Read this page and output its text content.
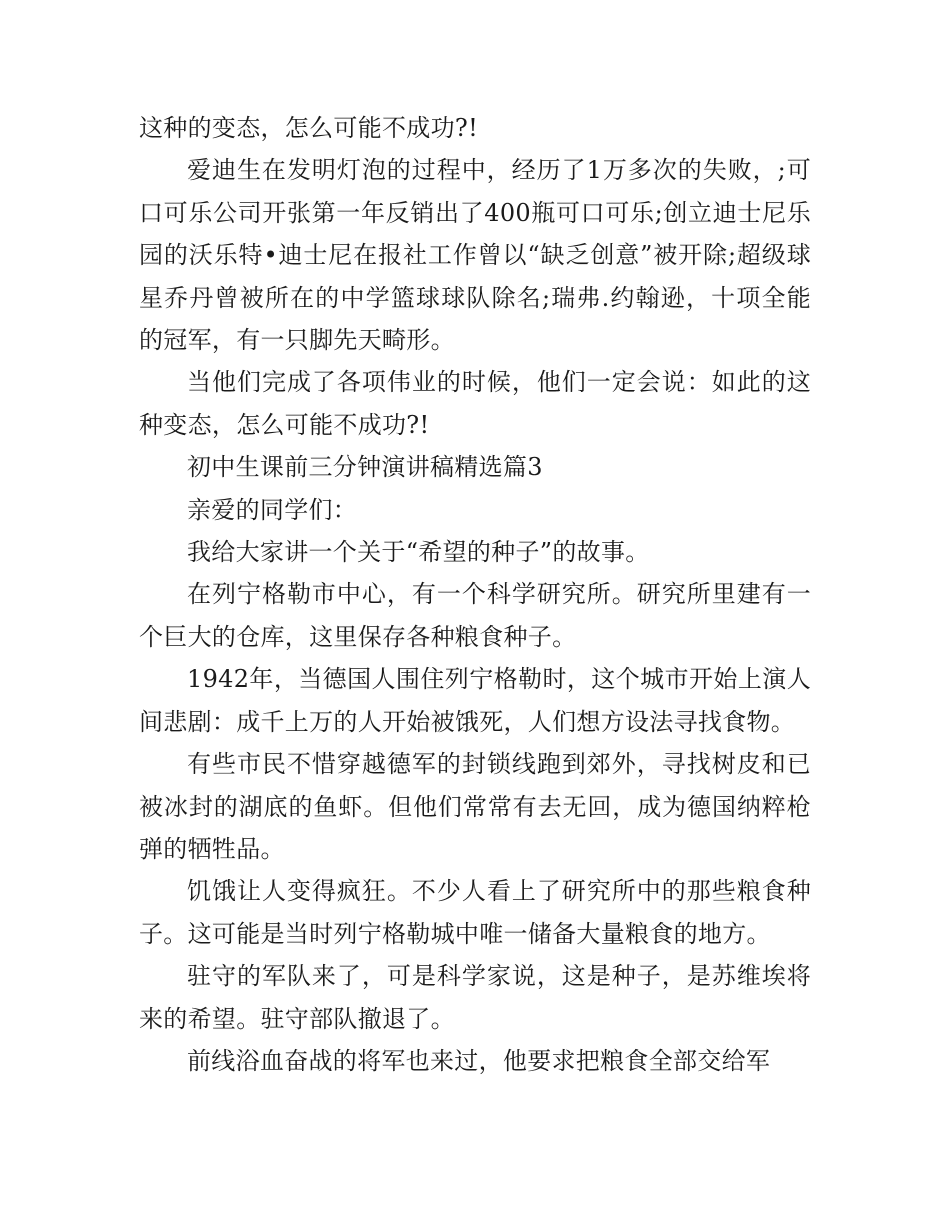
这种的变态，怎么可能不成功?!

爱迪生在发明灯泡的过程中，经历了1万多次的失败，;可口可乐公司开张第一年反销出了400瓶可口可乐;创立迪士尼乐园的沃乐特•迪士尼在报社工作曾以“缺乏创意”被开除;超级球星乔丹曾被所在的中学篮球球队除名;瑞弗.约翰逊，十项全能的冠军，有一只脚先天畸形。

当他们完成了各项伟业的时候，他们一定会说：如此的这种变态，怎么可能不成功?!

初中生课前三分钟演讲稿精选篇3

亲爱的同学们：

我给大家讲一个关于“希望的种子”的故事。

在列宁格勒市中心，有一个科学研究所。研究所里建有一个巨大的仓库，这里保存各种粮食种子。

1942年，当德国人围住列宁格勒时，这个城市开始上演人间悲剧：成千上万的人开始被饿死，人们想方设法寻找食物。

有些市民不惜穿越德军的封锁线跑到郊外，寻找树皮和已被冰封的湖底的鱼虾。但他们常常有去无回，成为德国纳粹枪弹的牺牲品。

饥饿让人变得疯狂。不少人看上了研究所中的那些粮食种子。这可能是当时列宁格勒城中唯一储备大量粮食的地方。

驻守的军队来了，可是科学家说，这是种子，是苏维埃将来的希望。驻守部队撤退了。

前线浴血奋战的将军也来过，他要求把粮食全部交给军
